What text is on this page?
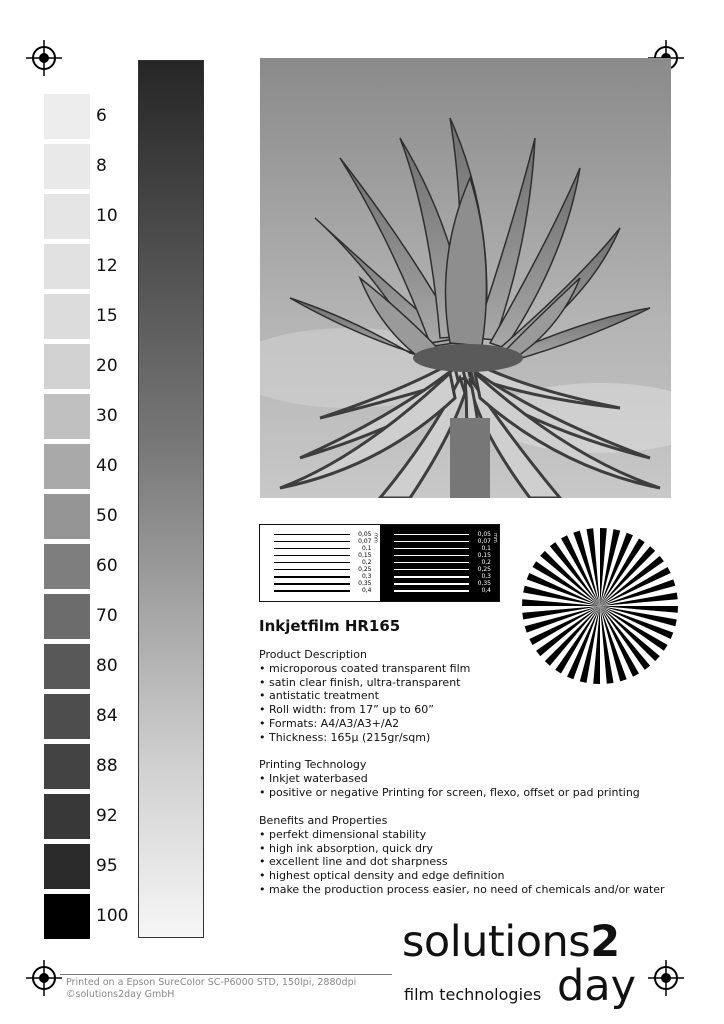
6
8
10
12
15
20
30
40
50
60
70
80
84
88
92
95
100
mm
0,05
0,07
0,1
0,15
0,2
0,25
0,3
0,35
0,4
mm
0,05
0,07
0,1
0,15
0,2
0,25
0,3
0,35
0,4
Inkjetfilm HR165
Product Description
• microporous coated transparent film
• satin clear finish, ultra-transparent
• antistatic treatment
• Roll width: from 17” up to 60”
• Formats: A4/A3/A3+/A2
• Thickness: 165µ (215gr/sqm)
Printing Technology
• Inkjet waterbased
• positive or negative Printing for screen, flexo, offset or pad printing
Benefits and Properties
• perfekt dimensional stability
• high ink absorption, quick dry
• excellent line and dot sharpness
• highest optical density and edge definition
• make the production process easier, no need of chemicals and/or water
Printed on a Epson SureColor SC-P6000 STD, 150lpi, 2880dpi
©solutions2day GmbH
solutions2
film technologies day
